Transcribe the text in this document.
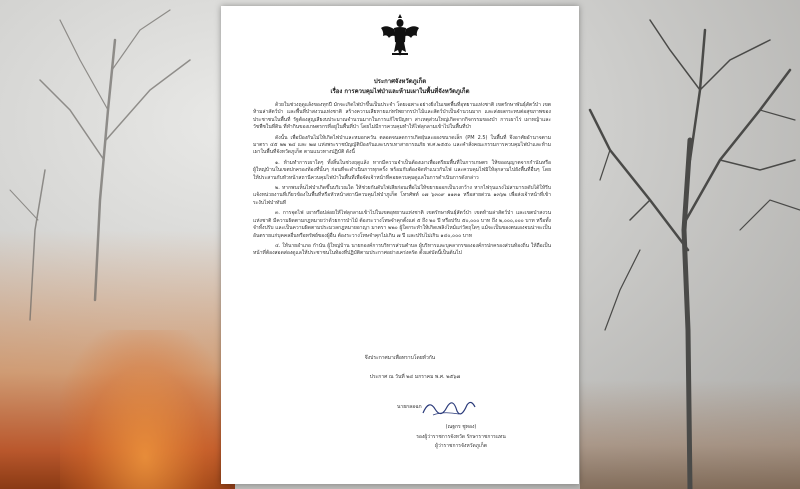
ประกาศจังหวัดภูเก็ต
เรื่อง การควบคุมไฟป่าและห้ามเผาในพื้นที่จังหวัดภูเก็ต

ด้วยในช่วงฤดูแล้งของทุกปี มักจะเกิดไฟป่าขึ้นเป็นประจำ โดยเฉพาะอย่างยิ่งในเขตพื้นที่อุทยานแห่งชาติ เขตรักษาพันธุ์สัตว์ป่า เขตห้ามล่าสัตว์ป่า และพื้นที่ป่าสงวนแห่งชาติ สร้างความเสียหายแก่ทรัพยากรป่าไม้และสัตว์ป่าเป็นจำนวนมาก และส่งผลกระทบต่อสุขภาพของประชาชนในพื้นที่ รัฐต้องสูญเสียงบประมาณจำนวนมากในการแก้ไขปัญหา สาเหตุส่วนใหญ่เกิดจากกิจกรรมของป่า การเผาไร่ เผาหญ้าและวัชพืชในที่ดิน ที่ทำกินของเกษตรกรที่อยู่ในพื้นที่ป่า โดยไม่มีการควบคุมทำให้ไฟลุกลามเข้าไปในพื้นที่ป่า

ดังนั้น เพื่อป้องกันไม่ให้เกิดไฟป่าและหมอกควัน ตลอดจนลดการเกิดฝุ่นละอองขนาดเล็ก (PM 2.5) ในพื้นที่ จึงอาศัยอำนาจตามมาตรา ๔๕ ๒๒ ๒๔ และ ๒๗ แห่งพระราชบัญญัติป้องกันและบรรเทาสาธารณภัย พ.ศ.๒๕๕๐ และคำสั่งคณะกรรมการควบคุมไฟป่าและห้ามเผาในพื้นที่จังหวัดภูเก็ต ตามแนวทางปฏิบัติ ดังนี้

๑. ห้ามทำการเผาใดๆ ทั้งสิ้นในช่วงฤดูแล้ง หากมีความจำเป็นต้องเผาเพื่อเตรียมพื้นที่ในการเกษตร ให้ขออนุญาตจากกำนันหรือผู้ใหญ่บ้านในเขตปกครองท้องที่นั้นๆ ก่อนที่จะดำเนินการทุกครั้ง พร้อมกับต้องจัดทำแนวกันไฟ และควบคุมไฟมิให้ลุกลามไปยังพื้นที่อื่นๆ โดยให้ประสานกับหัวหน้าสถานีควบคุมไฟป่าในพื้นที่เพื่อจัดเจ้าหน้าที่คอยควบคุมดูแลในการดำเนินการดังกล่าว

๒. หากพบเห็นไฟป่าเกิดขึ้นบริเวณใด ให้ช่วยกันดับไฟเสียก่อนเพื่อไม่ให้ขยายออกเป็นวงกว้าง หากไฟรุนแรงไม่สามารถดับได้ให้รีบแจ้งหน่วยงานที่เกี่ยวข้องในพื้นที่หรือหัวหน้าสถานีควบคุมไฟป่าภูเก็ต โทรศัพท์ ๐๗ ๖๓๐๙ ๑๑๓๑ หรือสายด่วน ๑๓๖๒ เพื่อส่งเจ้าหน้าที่เข้าระงับไฟป่าทันที

๓. การจุดไฟ เผาหรือปล่อยให้ไฟลุกลามเข้าไปในเขตอุทยานแห่งชาติ เขตรักษาพันธุ์สัตว์ป่า เขตห้ามล่าสัตว์ป่า และเขตป่าสงวนแห่งชาติ มีความผิดตามกฎหมายว่าด้วยการป่าไม้ ต้องระวางโทษจำคุกตั้งแต่ ๕ ถึง ๒๐ ปี หรือปรับ ๕๐,๐๐๐ บาท ถึง ๒,๐๐๐,๐๐๐ บาท หรือทั้งจำทั้งปรับ และเป็นความผิดตามประมวลกฎหมายอาญา มาตรา ๒๒๐ ผู้ใดกระทำให้เกิดเพลิงไหม้แก่วัตถุใดๆ แม้จะเป็นของตนเองจนน่าจะเป็นอันตรายแก่บุคคลอื่นหรือทรัพย์ของผู้อื่น ต้องระวางโทษจำคุกไม่เกิน ๗ ปี และปรับไม่เกิน ๑๔๐,๐๐๐ บาท

๔. ให้นายอำเภอ กำนัน ผู้ใหญ่บ้าน นายกองค์การบริหารส่วนตำบล ผู้บริหารและบุคลากรขององค์กรปกครองส่วนท้องถิ่น ให้ถือเป็นหน้าที่ต้องสอดส่องดูแลให้ประชาชนในท้องที่ปฏิบัติตามประกาศอย่างเคร่งครัด ตั้งแต่บัดนี้เป็นต้นไป

จึงประกาศมาเพื่อทราบโดยทั่วกัน
ประกาศ ณ วันที่ ๒๔ มกราคม พ.ศ. ๒๕๖๗
นายกลอฉก
(ณฐกร ชูทอง)
รองผู้ว่าราชการจังหวัด รักษาราชการแทน
ผู้ว่าราชการจังหวัดภูเก็ต
